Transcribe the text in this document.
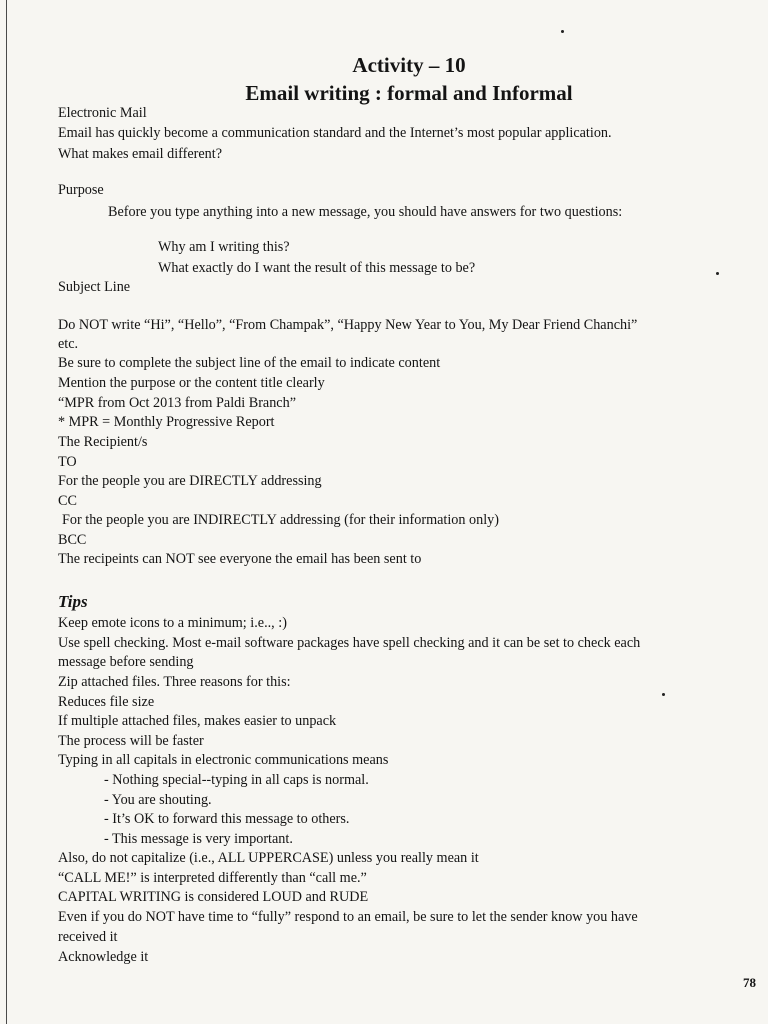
Activity – 10
Email writing : formal and Informal
Electronic Mail
Email has quickly become a communication standard and the Internet’s most popular application.
What makes email different?
Purpose
Before you type anything into a new message, you should have answers for two questions:
Why am I writing this?
What exactly do I want the result of this message to be?
Subject Line
Do NOT write “Hi”, “Hello”, “From Champak”, “Happy New Year to You, My Dear Friend Chanchi”
etc.
Be sure to complete the subject line of the email to indicate content
Mention the purpose or the content title clearly
“MPR from Oct 2013 from Paldi Branch”
* MPR = Monthly Progressive Report
The Recipient/s
TO
For the people you are DIRECTLY addressing
CC
For the people you are INDIRECTLY addressing (for their information only)
BCC
The recipeints can NOT see everyone the email has been sent to
Tips
Keep emote icons to a minimum; i.e.., :)
Use spell checking. Most e-mail software packages have spell checking and it can be set to check each
message before sending
Zip attached files. Three reasons for this:
Reduces file size
If multiple attached files, makes easier to unpack
The process will be faster
Typing in all capitals in electronic communications means
- Nothing special--typing in all caps is normal.
- You are shouting.
- It’s OK to forward this message to others.
- This message is very important.
Also, do not capitalize (i.e., ALL UPPERCASE) unless you really mean it
“CALL ME!” is interpreted differently than “call me.”
CAPITAL WRITING is considered LOUD and RUDE
Even if you do NOT have time to “fully” respond to an email, be sure to let the sender know you have
received it
Acknowledge it
78
